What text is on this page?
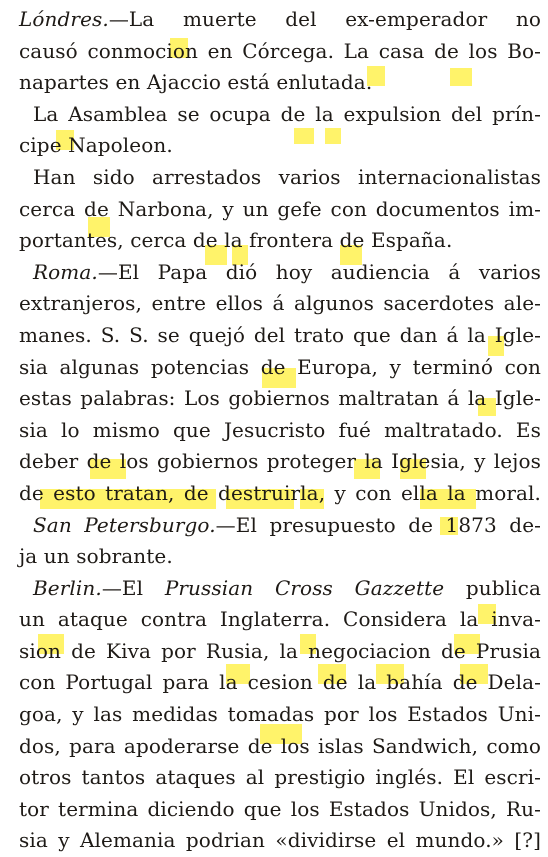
Lóndres.—La muerte del ex-emperador no
causó conmocion en Córcega. La casa de los Bo-
napartes en Ajaccio está enlutada.
La Asamblea se ocupa de la expulsion del prín-
cipe Napoleon.
Han sido arrestados varios internacionalistas
cerca de Narbona, y un gefe con documentos im-
portantes, cerca de la frontera de España.
Roma.—El Papa dió hoy audiencia á varios
extranjeros, entre ellos á algunos sacerdotes ale-
manes. S. S. se quejó del trato que dan á la Igle-
sia algunas potencias de Europa, y terminó con
estas palabras: Los gobiernos maltratan á la Igle-
sia lo mismo que Jesucristo fué maltratado. Es
deber de los gobiernos proteger la Iglesia, y lejos
de esto tratan, de destruirla, y con ella la moral.
San Petersburgo.—El presupuesto de 1873 de-
ja un sobrante.
Berlin.—El Prussian Cross Gazzette publica
un ataque contra Inglaterra. Considera la inva-
sion de Kiva por Rusia, la negociacion de Prusia
con Portugal para la cesion de la bahía de Dela-
goa, y las medidas tomadas por los Estados Uni-
dos, para apoderarse de los islas Sandwich, como
otros tantos ataques al prestigio inglés. El escri-
tor termina diciendo que los Estados Unidos, Ru-
sia y Alemania podrian «dividirse el mundo.» [?]
